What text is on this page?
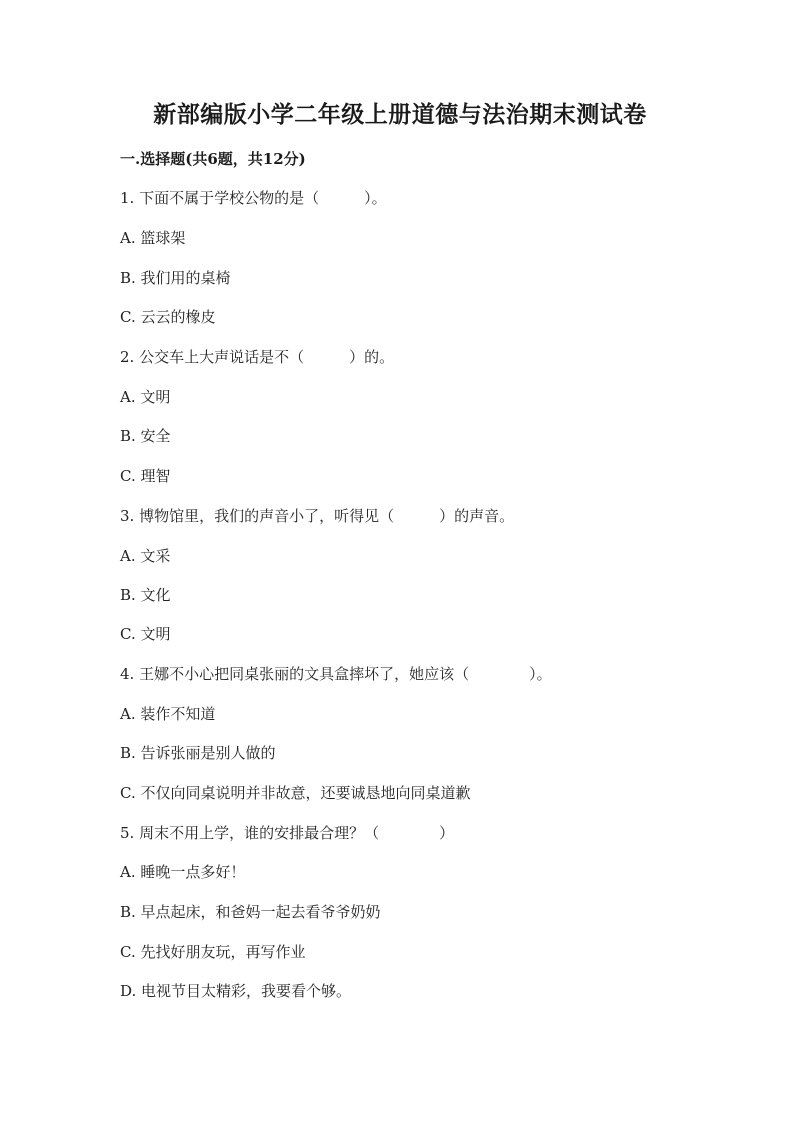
新部编版小学二年级上册道德与法治期末测试卷
一.选择题(共6题，共12分)
1. 下面不属于学校公物的是（　　　）。
A. 篮球架
B. 我们用的桌椅
C. 云云的橡皮
2. 公交车上大声说话是不（　　　）的。
A. 文明
B. 安全
C. 理智
3. 博物馆里，我们的声音小了，听得见（　　　）的声音。
A. 文采
B. 文化
C. 文明
4. 王娜不小心把同桌张丽的文具盒摔坏了，她应该（　　　　）。
A. 装作不知道
B. 告诉张丽是别人做的
C. 不仅向同桌说明并非故意，还要诚恳地向同桌道歉
5. 周末不用上学，谁的安排最合理？（　　　　）
A. 睡晚一点多好！
B. 早点起床，和爸妈一起去看爷爷奶奶
C. 先找好朋友玩，再写作业
D. 电视节目太精彩，我要看个够。
